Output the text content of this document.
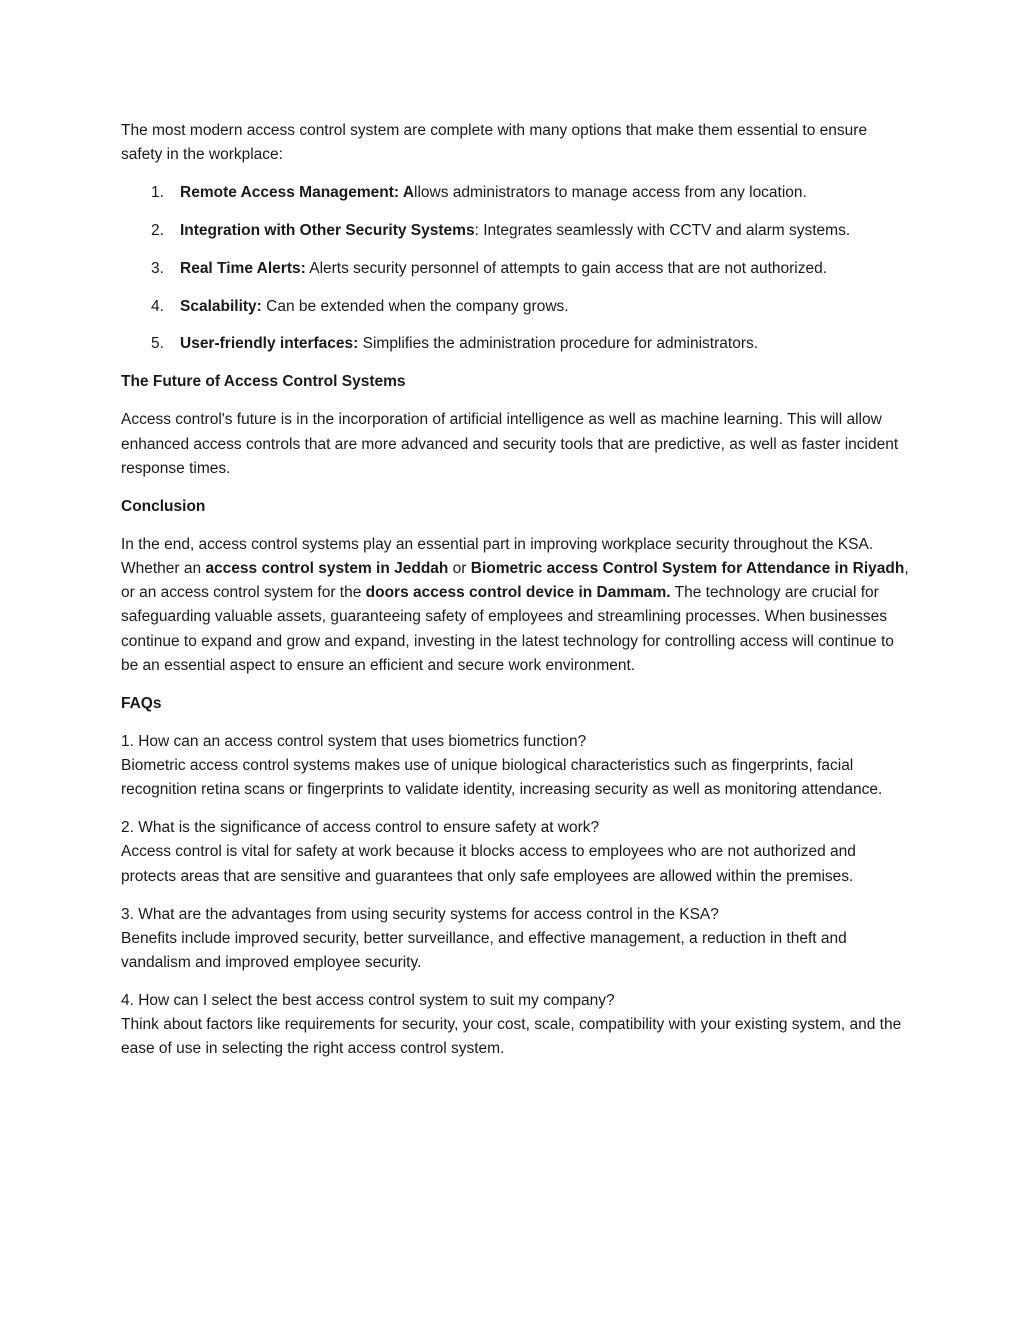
The most modern access control system are complete with many options that make them essential to ensure safety in the workplace:

1. Remote Access Management: Allows administrators to manage access from any location.
2. Integration with Other Security Systems: Integrates seamlessly with CCTV and alarm systems.
3. Real Time Alerts: Alerts security personnel of attempts to gain access that are not authorized.
4. Scalability: Can be extended when the company grows.
5. User-friendly interfaces: Simplifies the administration procedure for administrators.

The Future of Access Control Systems

Access control's future is in the incorporation of artificial intelligence as well as machine learning. This will allow enhanced access controls that are more advanced and security tools that are predictive, as well as faster incident response times.

Conclusion

In the end, access control systems play an essential part in improving workplace security throughout the KSA. Whether an access control system in Jeddah or Biometric access Control System for Attendance in Riyadh, or an access control system for the doors access control device in Dammam. The technology are crucial for safeguarding valuable assets, guaranteeing safety of employees and streamlining processes. When businesses continue to expand and grow and expand, investing in the latest technology for controlling access will continue to be an essential aspect to ensure an efficient and secure work environment.

FAQs

1. How can an access control system that uses biometrics function?
Biometric access control systems makes use of unique biological characteristics such as fingerprints, facial recognition retina scans or fingerprints to validate identity, increasing security as well as monitoring attendance.

2. What is the significance of access control to ensure safety at work?
Access control is vital for safety at work because it blocks access to employees who are not authorized and protects areas that are sensitive and guarantees that only safe employees are allowed within the premises.

3. What are the advantages from using security systems for access control in the KSA?
Benefits include improved security, better surveillance, and effective management, a reduction in theft and vandalism and improved employee security.

4. How can I select the best access control system to suit my company?
Think about factors like requirements for security, your cost, scale, compatibility with your existing system, and the ease of use in selecting the right access control system.
